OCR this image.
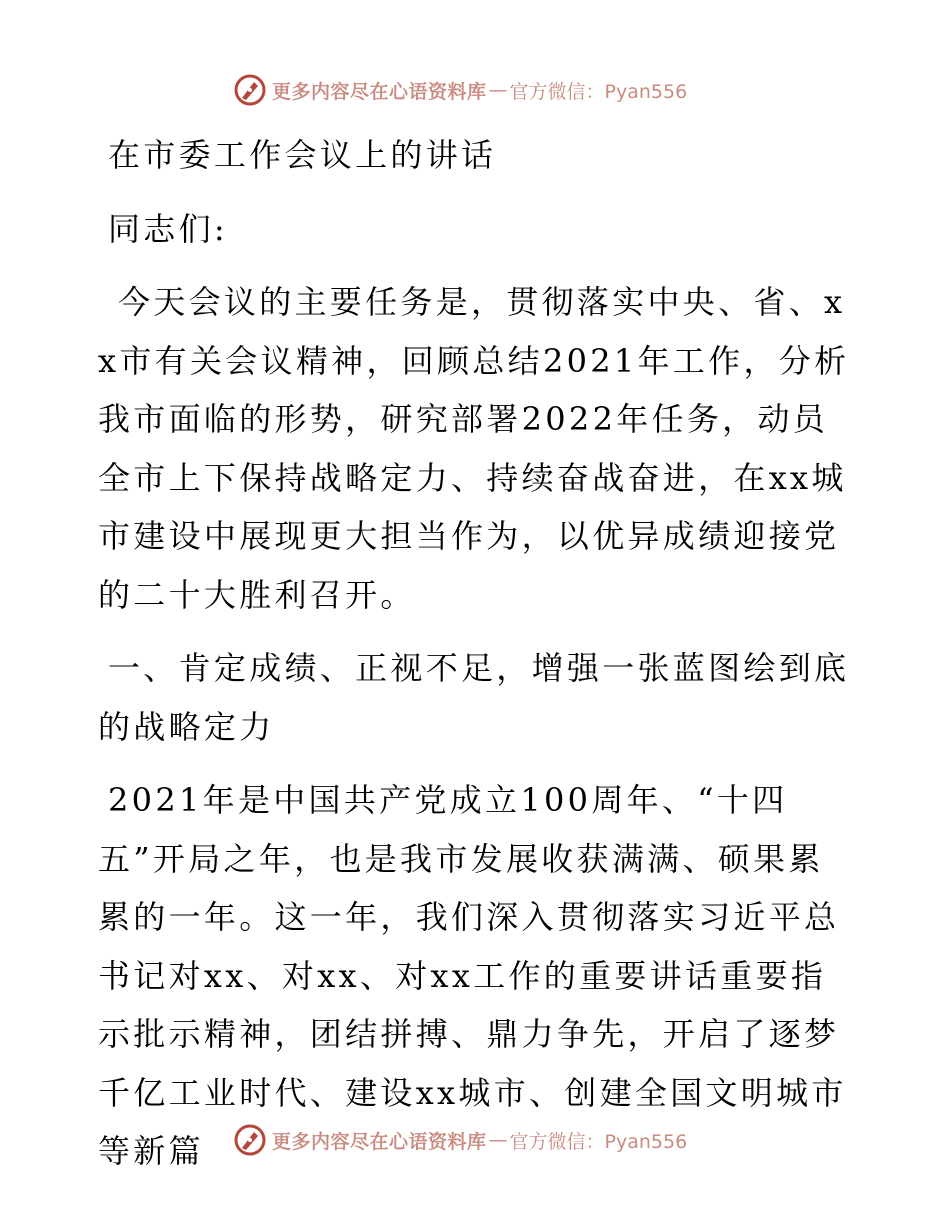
更多内容尽在心语资料库 — 官方微信：Pyan556

在市委工作会议上的讲话

同志们:

今天会议的主要任务是，贯彻落实中央、省、xx市有关会议精神，回顾总结2021年工作，分析我市面临的形势，研究部署2022年任务，动员全市上下保持战略定力、持续奋战奋进，在xx城市建设中展现更大担当作为，以优异成绩迎接党的二十大胜利召开。

一、肯定成绩、正视不足，增强一张蓝图绘到底的战略定力

2021年是中国共产党成立100周年、“十四五”开局之年，也是我市发展收获满满、硕果累累的一年。这一年，我们深入贯彻落实习近平总书记对xx、对xx、对xx工作的重要讲话重要指示批示精神，团结拼搏、鼎力争先，开启了逐梦千亿工业时代、建设xx城市、创建全国文明城市等新篇	更多内容尽在心语资料库 — 官方微信：Pyan556
